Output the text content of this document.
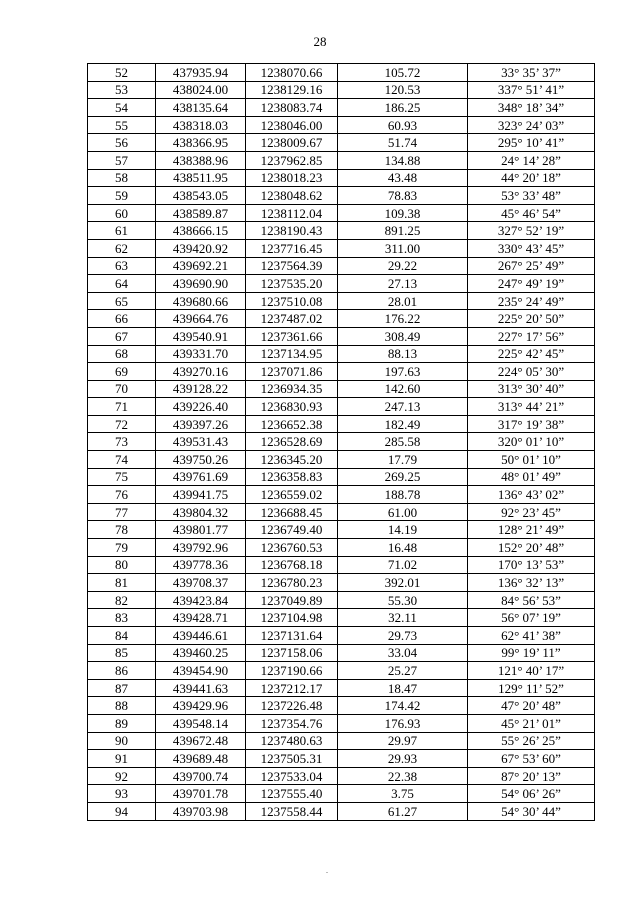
28
52	437935.94	1238070.66	105.72	33° 35’ 37”
53	438024.00	1238129.16	120.53	337° 51’ 41”
54	438135.64	1238083.74	186.25	348° 18’ 34”
55	438318.03	1238046.00	60.93	323° 24’ 03”
56	438366.95	1238009.67	51.74	295° 10’ 41”
57	438388.96	1237962.85	134.88	24° 14’ 28”
58	438511.95	1238018.23	43.48	44° 20’ 18”
59	438543.05	1238048.62	78.83	53° 33’ 48”
60	438589.87	1238112.04	109.38	45° 46’ 54”
61	438666.15	1238190.43	891.25	327° 52’ 19”
62	439420.92	1237716.45	311.00	330° 43’ 45”
63	439692.21	1237564.39	29.22	267° 25’ 49”
64	439690.90	1237535.20	27.13	247° 49’ 19”
65	439680.66	1237510.08	28.01	235° 24’ 49”
66	439664.76	1237487.02	176.22	225° 20’ 50”
67	439540.91	1237361.66	308.49	227° 17’ 56”
68	439331.70	1237134.95	88.13	225° 42’ 45”
69	439270.16	1237071.86	197.63	224° 05’ 30”
70	439128.22	1236934.35	142.60	313° 30’ 40”
71	439226.40	1236830.93	247.13	313° 44’ 21”
72	439397.26	1236652.38	182.49	317° 19’ 38”
73	439531.43	1236528.69	285.58	320° 01’ 10”
74	439750.26	1236345.20	17.79	50° 01’ 10”
75	439761.69	1236358.83	269.25	48° 01’ 49”
76	439941.75	1236559.02	188.78	136° 43’ 02”
77	439804.32	1236688.45	61.00	92° 23’ 45”
78	439801.77	1236749.40	14.19	128° 21’ 49”
79	439792.96	1236760.53	16.48	152° 20’ 48”
80	439778.36	1236768.18	71.02	170° 13’ 53”
81	439708.37	1236780.23	392.01	136° 32’ 13”
82	439423.84	1237049.89	55.30	84° 56’ 53”
83	439428.71	1237104.98	32.11	56° 07’ 19”
84	439446.61	1237131.64	29.73	62° 41’ 38”
85	439460.25	1237158.06	33.04	99° 19’ 11”
86	439454.90	1237190.66	25.27	121° 40’ 17”
87	439441.63	1237212.17	18.47	129° 11’ 52”
88	439429.96	1237226.48	174.42	47° 20’ 48”
89	439548.14	1237354.76	176.93	45° 21’ 01”
90	439672.48	1237480.63	29.97	55° 26’ 25”
91	439689.48	1237505.31	29.93	67° 53’ 60”
92	439700.74	1237533.04	22.38	87° 20’ 13”
93	439701.78	1237555.40	3.75	54° 06’ 26”
94	439703.98	1237558.44	61.27	54° 30’ 44”
